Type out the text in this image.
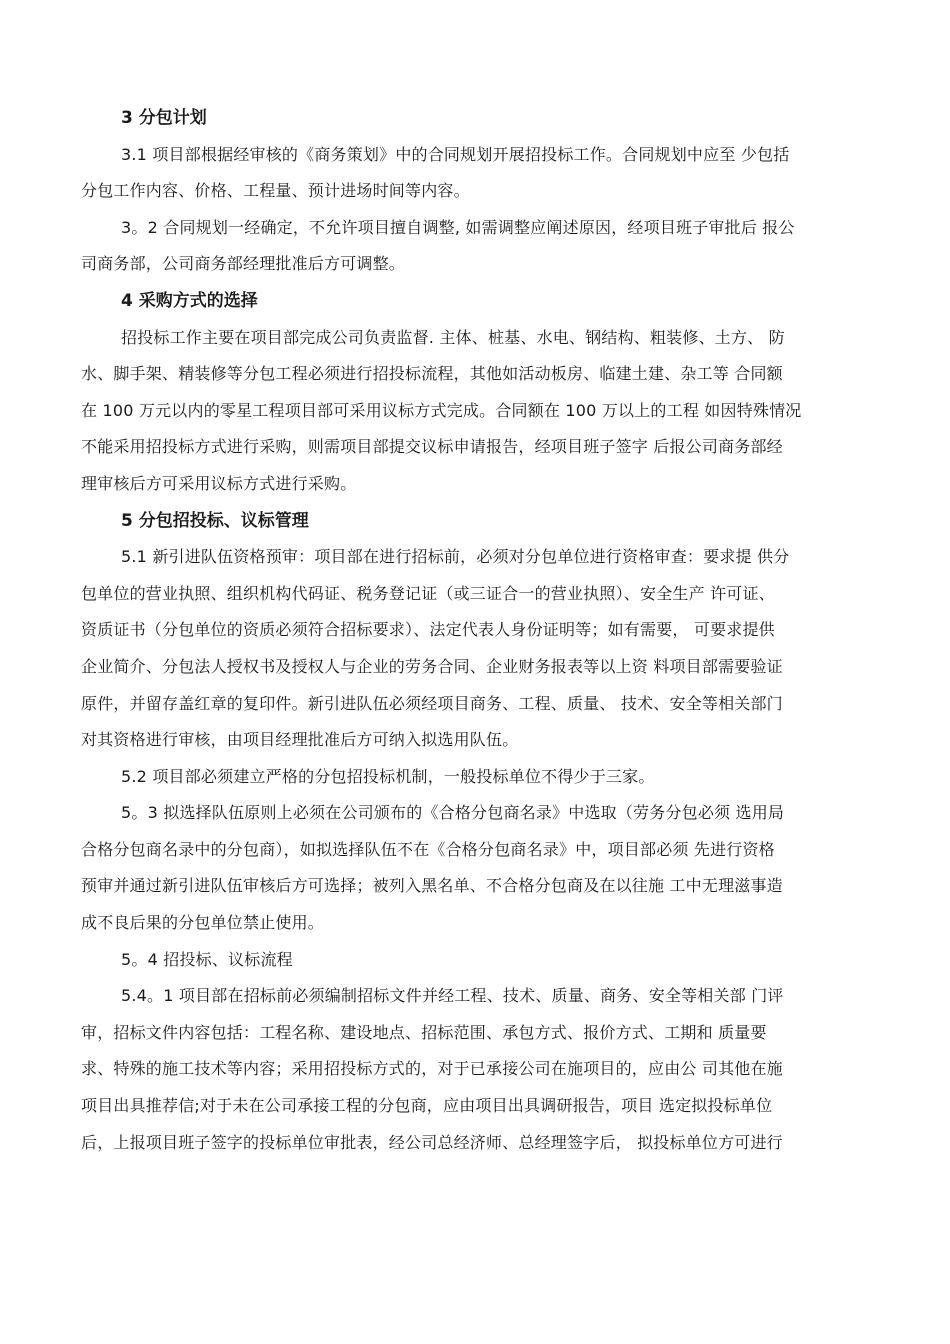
3 分包计划
3.1 项目部根据经审核的《商务策划》中的合同规划开展招投标工作。合同规划中应至 少包括
分包工作内容、价格、工程量、预计进场时间等内容。
3。2 合同规划一经确定，不允许项目擅自调整, 如需调整应阐述原因，经项目班子审批后 报公
司商务部，公司商务部经理批准后方可调整。
4 采购方式的选择
招投标工作主要在项目部完成公司负责监督. 主体、桩基、水电、钢结构、粗装修、土方、 防
水、脚手架、精装修等分包工程必须进行招投标流程，其他如活动板房、临建土建、杂工等 合同额
在 100 万元以内的零星工程项目部可采用议标方式完成。合同额在 100 万以上的工程 如因特殊情况
不能采用招投标方式进行采购，则需项目部提交议标申请报告，经项目班子签字 后报公司商务部经
理审核后方可采用议标方式进行采购。
5 分包招投标、议标管理
5.1 新引进队伍资格预审：项目部在进行招标前，必须对分包单位进行资格审查：要求提 供分
包单位的营业执照、组织机构代码证、税务登记证（或三证合一的营业执照）、安全生产 许可证、
资质证书（分包单位的资质必须符合招标要求）、法定代表人身份证明等；如有需要， 可要求提供
企业简介、分包法人授权书及授权人与企业的劳务合同、企业财务报表等以上资 料项目部需要验证
原件，并留存盖红章的复印件。新引进队伍必须经项目商务、工程、质量、 技术、安全等相关部门
对其资格进行审核，由项目经理批准后方可纳入拟选用队伍。
5.2 项目部必须建立严格的分包招投标机制，一般投标单位不得少于三家。
5。3 拟选择队伍原则上必须在公司颁布的《合格分包商名录》中选取（劳务分包必须 选用局
合格分包商名录中的分包商），如拟选择队伍不在《合格分包商名录》中，项目部必须 先进行资格
预审并通过新引进队伍审核后方可选择；被列入黑名单、不合格分包商及在以往施 工中无理滋事造
成不良后果的分包单位禁止使用。
5。4 招投标、议标流程
5.4。1 项目部在招标前必须编制招标文件并经工程、技术、质量、商务、安全等相关部 门评
审，招标文件内容包括：工程名称、建设地点、招标范围、承包方式、报价方式、工期和 质量要
求、特殊的施工技术等内容；采用招投标方式的，对于已承接公司在施项目的，应由公 司其他在施
项目出具推荐信;对于未在公司承接工程的分包商，应由项目出具调研报告，项目 选定拟投标单位
后，上报项目班子签字的投标单位审批表，经公司总经济师、总经理签字后， 拟投标单位方可进行
